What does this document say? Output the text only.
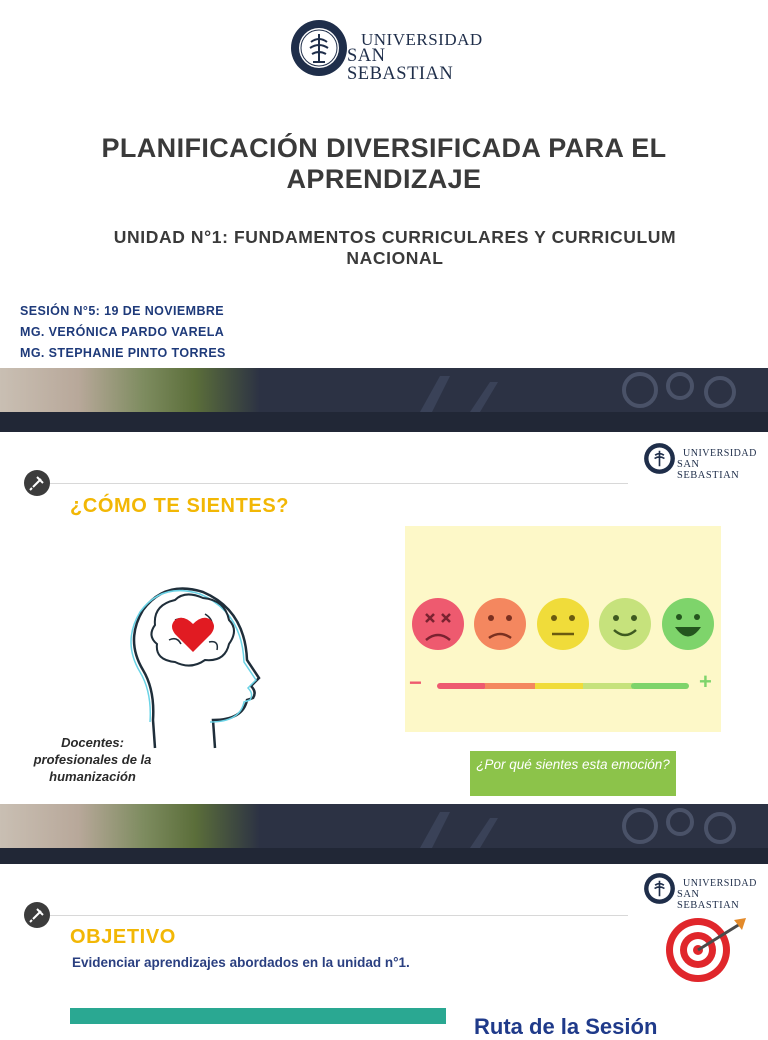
UNIVERSIDAD
SAN SEBASTIAN
PLANIFICACIÓN DIVERSIFICADA PARA EL APRENDIZAJE
UNIDAD N°1: FUNDAMENTOS CURRICULARES Y CURRICULUM NACIONAL
SESIÓN N°5: 19 DE NOVIEMBRE
MG. VERÓNICA PARDO VARELA
MG. STEPHANIE PINTO TORRES
UNIVERSIDAD
SAN SEBASTIAN
¿CÓMO TE SIENTES?
Docentes:
profesionales de la
humanización
−	+
¿Por qué sientes esta emoción?
UNIVERSIDAD
SAN SEBASTIAN
OBJETIVO
Evidenciar aprendizajes abordados en la unidad n°1.
Ruta de la Sesión
